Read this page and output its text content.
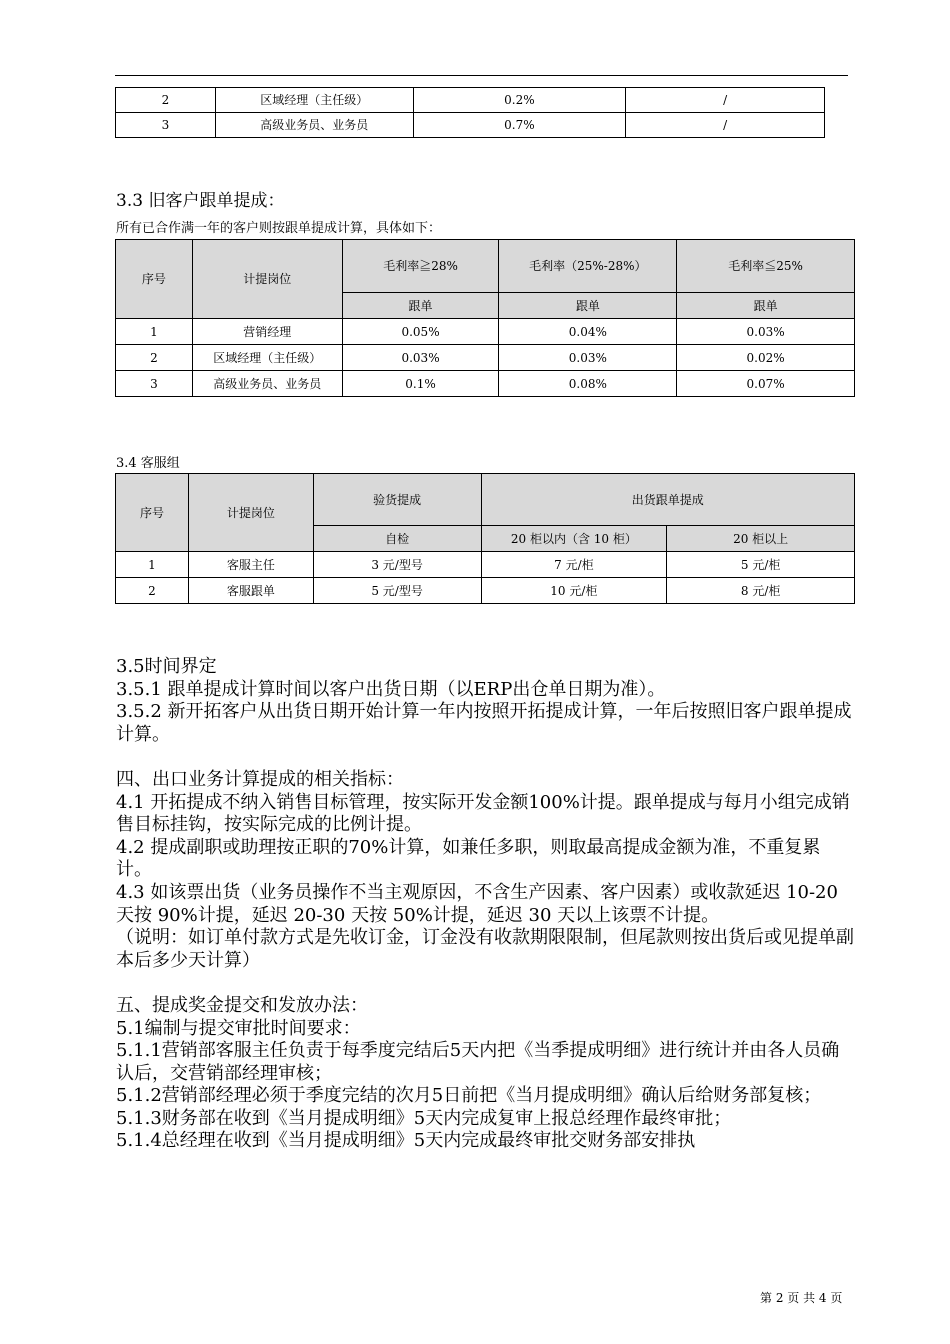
2	区域经理（主任级）	0.2%	/
3	高级业务员、业务员	0.7%	/
3.3 旧客户跟单提成：
所有已合作满一年的客户则按跟单提成计算，具体如下：
序号	计提岗位	毛利率≧28%	毛利率（25%-28%）	毛利率≦25%
		跟单	跟单	跟单
1	营销经理	0.05%	0.04%	0.03%
2	区域经理（主任级）	0.03%	0.03%	0.02%
3	高级业务员、业务员	0.1%	0.08%	0.07%
3.4 客服组
序号	计提岗位	验货提成	出货跟单提成	
		自检	20 柜以内（含 10 柜）	20 柜以上
1	客服主任	3 元/型号	7 元/柜	5 元/柜
2	客服跟单	5 元/型号	10 元/柜	8 元/柜

3.5时间界定

3.5.1 跟单提成计算时间以客户出货日期（以ERP出仓单日期为准）。

3.5.2 新开拓客户从出货日期开始计算一年内按照开拓提成计算，一年后按照旧客户跟单提成计算。

四、出口业务计算提成的相关指标：

4.1 开拓提成不纳入销售目标管理，按实际开发金额100%计提。跟单提成与每月小组完成销售目标挂钩，按实际完成的比例计提。

4.2 提成副职或助理按正职的70%计算，如兼任多职，则取最高提成金额为准，不重复累计。

4.3 如该票出货（业务员操作不当主观原因，不含生产因素、客户因素）或收款延迟 10-20 天按 90%计提，延迟 20-30 天按 50%计提，延迟 30 天以上该票不计提。

（说明：如订单付款方式是先收订金，订金没有收款期限限制，但尾款则按出货后或见提单副本后多少天计算）

五、提成奖金提交和发放办法：

5.1编制与提交审批时间要求：

5.1.1营销部客服主任负责于每季度完结后5天内把《当季提成明细》进行统计并由各人员确认后，交营销部经理审核；

5.1.2营销部经理必须于季度完结的次月5日前把《当月提成明细》确认后给财务部复核；

5.1.3财务部在收到《当月提成明细》5天内完成复审上报总经理作最终审批；

5.1.4总经理在收到《当月提成明细》5天内完成最终审批交财务部安排执

第 2 页 共 4 页
